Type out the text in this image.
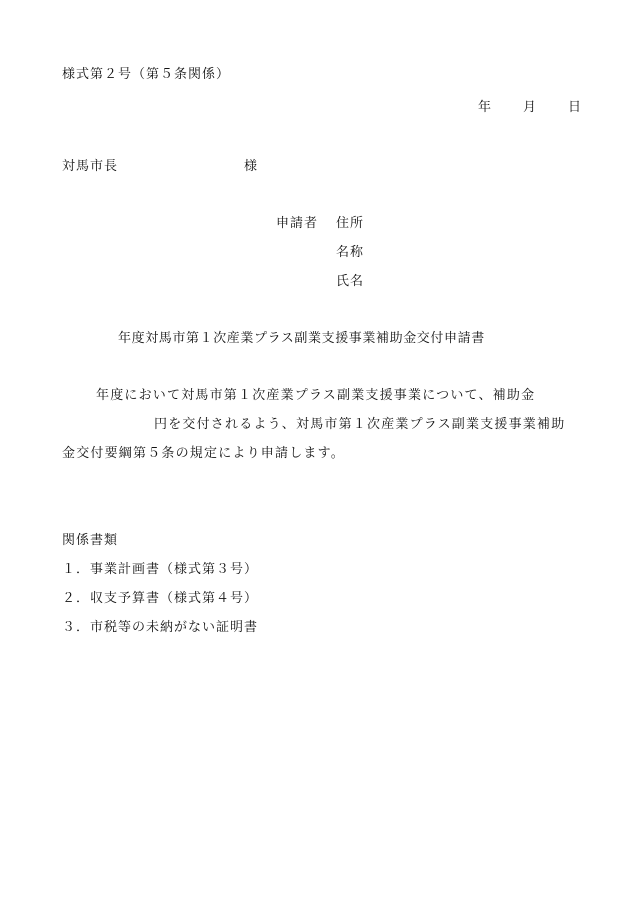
様式第２号（第５条関係）
年 月 日
対馬市長	様
申請者 住所
名称
氏名
年度対馬市第１次産業プラス副業支援事業補助金交付申請書
年度において対馬市第１次産業プラス副業支援事業について、補助金
円を交付されるよう、対馬市第１次産業プラス副業支援事業補助
金交付要綱第５条の規定により申請します。
関係書類
１．事業計画書（様式第３号）
２．収支予算書（様式第４号）
３．市税等の未納がない証明書
